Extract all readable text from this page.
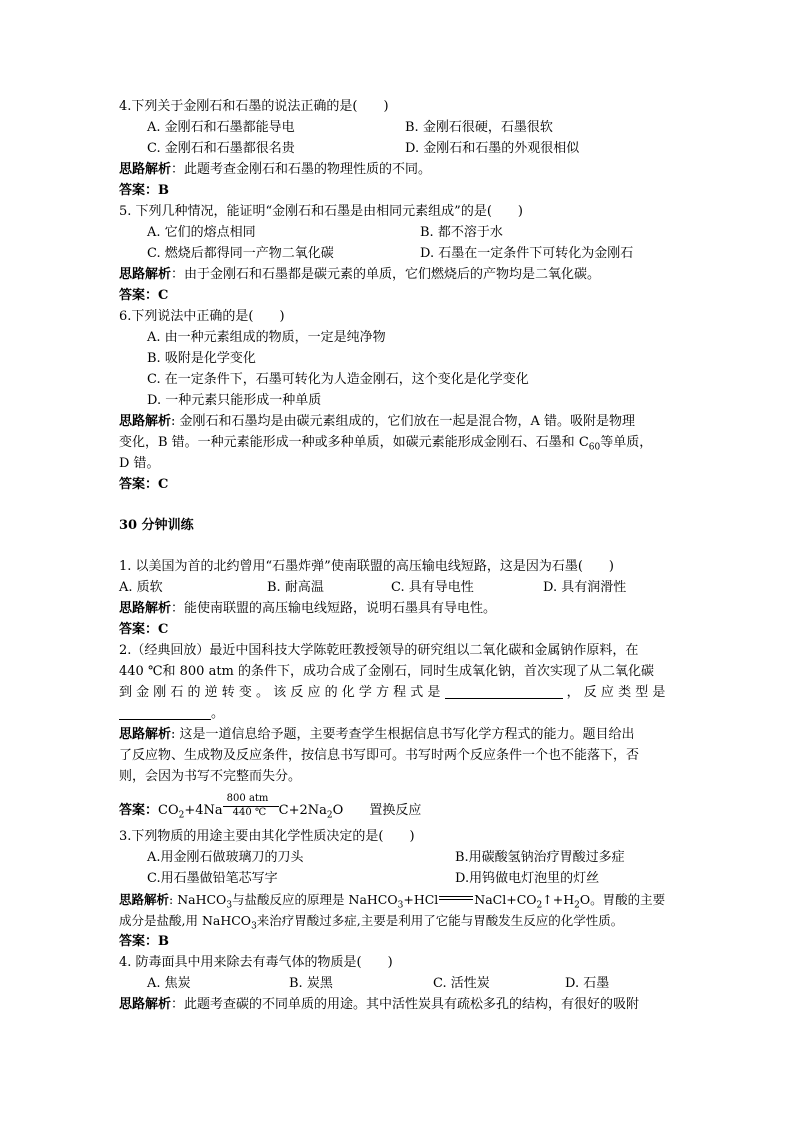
4.下列关于金刚石和石墨的说法正确的是(　　)
A. 金刚石和石墨都能导电	B. 金刚石很硬，石墨很软
C. 金刚石和石墨都很名贵	D. 金刚石和石墨的外观很相似
思路解析：此题考查金刚石和石墨的物理性质的不同。
答案：B
5. 下列几种情况，能证明“金刚石和石墨是由相同元素组成”的是(　　)
A. 它们的熔点相同	B. 都不溶于水
C. 燃烧后都得同一产物二氧化碳	D. 石墨在一定条件下可转化为金刚石
思路解析：由于金刚石和石墨都是碳元素的单质，它们燃烧后的产物均是二氧化碳。
答案：C
6.下列说法中正确的是(　　)
A. 由一种元素组成的物质，一定是纯净物
B. 吸附是化学变化
C. 在一定条件下，石墨可转化为人造金刚石，这个变化是化学变化
D. 一种元素只能形成一种单质
思路解析: 金刚石和石墨均是由碳元素组成的，它们放在一起是混合物，A 错。吸附是物理
变化，B 错。一种元素能形成一种或多种单质，如碳元素能形成金刚石、石墨和 $C_{60}$等单质，
D 错。
答案：C
30 分钟训练
1. 以美国为首的北约曾用“石墨炸弹”使南联盟的高压输电线短路，这是因为石墨(　　)
A. 质软	B. 耐高温	C. 具有导电性	D. 具有润滑性
思路解析：能使南联盟的高压输电线短路，说明石墨具有导电性。
答案：C
2.（经典回放）最近中国科技大学陈乾旺教授领导的研究组以二氧化碳和金属钠作原料，在
440 ℃和 800 atm 的条件下，成功合成了金刚石，同时生成氧化钠，首次实现了从二氧化碳
到 金 刚 石 的 逆 转 变 。 该 反 应 的 化 学 方 程 式 是	， 反 应 类 型 是
。
思路解析: 这是一道信息给予题，主要考查学生根据信息书写化学方程式的能力。题目给出
了反应物、生成物及反应条件，按信息书写即可。书写时两个反应条件一个也不能落下，否
则，会因为书写不完整而失分。
答案：$CO_2+4Na$
800 atm
440 ℃ $C+2Na_2O$ 置换反应
3.下列物质的用途主要由其化学性质决定的是(　　)
A.用金刚石做玻璃刀的刀头	B.用碳酸氢钠治疗胃酸过多症
C.用石墨做铅笔芯写字	D.用钨做电灯泡里的灯丝
思路解析: NaHCO$_3$与盐酸反应的原理是 NaHCO$_3$+HCl	$NaCl+CO_2↑+H_2O$。胃酸的主要
成分是盐酸,用 NaHCO$_3$来治疗胃酸过多症,主要是利用了它能与胃酸发生反应的化学性质。
答案：B
4. 防毒面具中用来除去有毒气体的物质是(　　)
A. 焦炭	B. 炭黑	C. 活性炭	D. 石墨
思路解析：此题考查碳的不同单质的用途。其中活性炭具有疏松多孔的结构，有很好的吸附
